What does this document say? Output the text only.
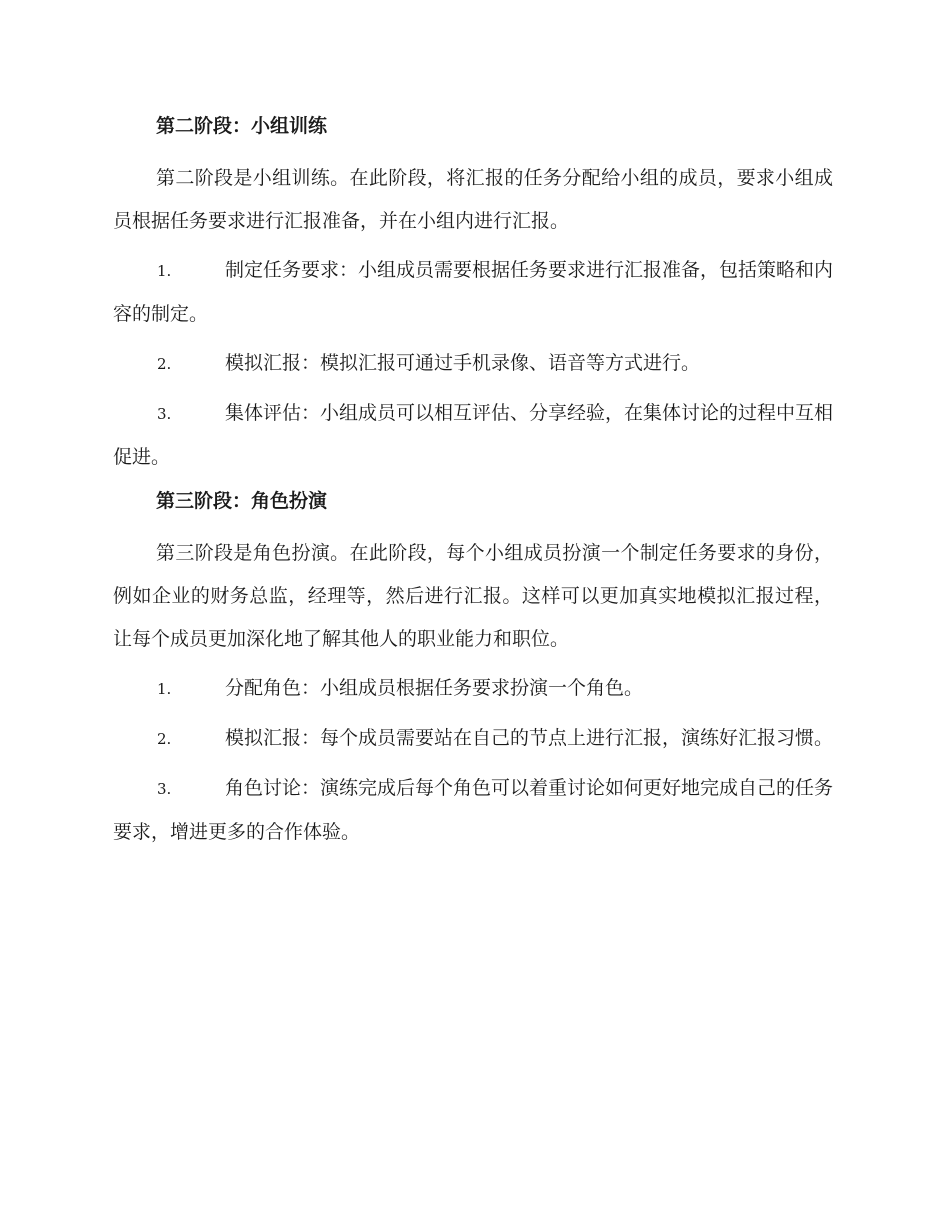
第二阶段：小组训练
第二阶段是小组训练。在此阶段，将汇报的任务分配给小组的成员，要求小组成员根据任务要求进行汇报准备，并在小组内进行汇报。
1.	制定任务要求：小组成员需要根据任务要求进行汇报准备，包括策略和内容的制定。
2.	模拟汇报：模拟汇报可通过手机录像、语音等方式进行。
3.	集体评估：小组成员可以相互评估、分享经验，在集体讨论的过程中互相促进。
第三阶段：角色扮演
第三阶段是角色扮演。在此阶段，每个小组成员扮演一个制定任务要求的身份，例如企业的财务总监，经理等，然后进行汇报。这样可以更加真实地模拟汇报过程，让每个成员更加深化地了解其他人的职业能力和职位。
1.	分配角色：小组成员根据任务要求扮演一个角色。
2.	模拟汇报：每个成员需要站在自己的节点上进行汇报，演练好汇报习惯。
3.	角色讨论：演练完成后每个角色可以着重讨论如何更好地完成自己的任务要求，增进更多的合作体验。
